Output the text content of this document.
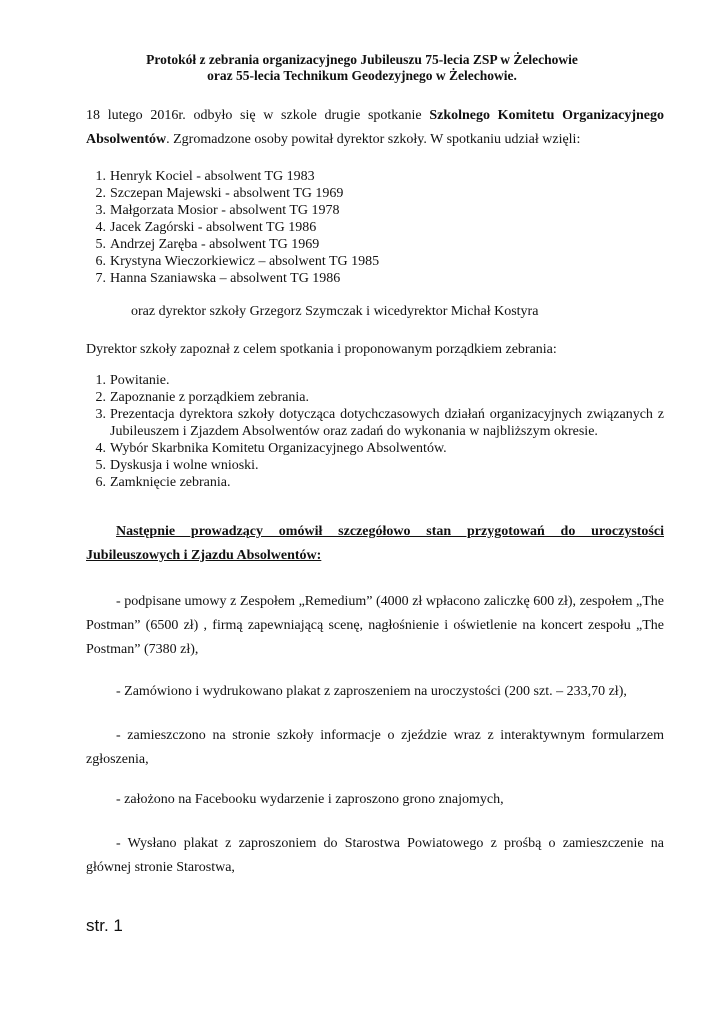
Protokół z zebrania organizacyjnego Jubileuszu 75-lecia ZSP w Żelechowie
oraz 55-lecia Technikum Geodezyjnego w Żelechowie.
18 lutego 2016r. odbyło się w szkole drugie spotkanie Szkolnego Komitetu Organizacyjnego Absolwentów. Zgromadzone osoby powitał dyrektor szkoły. W spotkaniu udział wzięli:
1. Henryk Kociel - absolwent TG 1983
2. Szczepan Majewski - absolwent TG 1969
3. Małgorzata Mosior - absolwent TG 1978
4. Jacek Zagórski - absolwent TG 1986
5. Andrzej Zaręba - absolwent TG 1969
6. Krystyna Wieczorkiewicz – absolwent TG 1985
7. Hanna Szaniawska – absolwent TG 1986
oraz dyrektor szkoły Grzegorz Szymczak i wicedyrektor Michał Kostyra
Dyrektor szkoły zapoznał z celem spotkania i proponowanym porządkiem zebrania:
1. Powitanie.
2. Zapoznanie z porządkiem zebrania.
3. Prezentacja dyrektora szkoły dotycząca dotychczasowych działań organizacyjnych związanych z Jubileuszem i Zjazdem Absolwentów oraz zadań do wykonania w najbliższym okresie.
4. Wybór Skarbnika Komitetu Organizacyjnego Absolwentów.
5. Dyskusja i wolne wnioski.
6. Zamknięcie zebrania.
Następnie prowadzący omówił szczegółowo stan przygotowań do uroczystości Jubileuszowych i Zjazdu Absolwentów:
- podpisane umowy z Zespołem „Remedium” (4000 zł wpłacono zaliczkę 600 zł), zespołem „The Postman” (6500 zł) , firmą zapewniającą scenę, nagłośnienie i oświetlenie na koncert zespołu „The Postman” (7380 zł),
- Zamówiono i wydrukowano plakat z zaproszeniem na uroczystości (200 szt. – 233,70 zł),
- zamieszczono na stronie szkoły informacje o zjeździe wraz z interaktywnym formularzem zgłoszenia,
- założono na Facebooku wydarzenie i zaproszono grono znajomych,
- Wysłano plakat z zaproszoniem do Starostwa Powiatowego z prośbą o zamieszczenie na głównej stronie Starostwa,
str. 1
